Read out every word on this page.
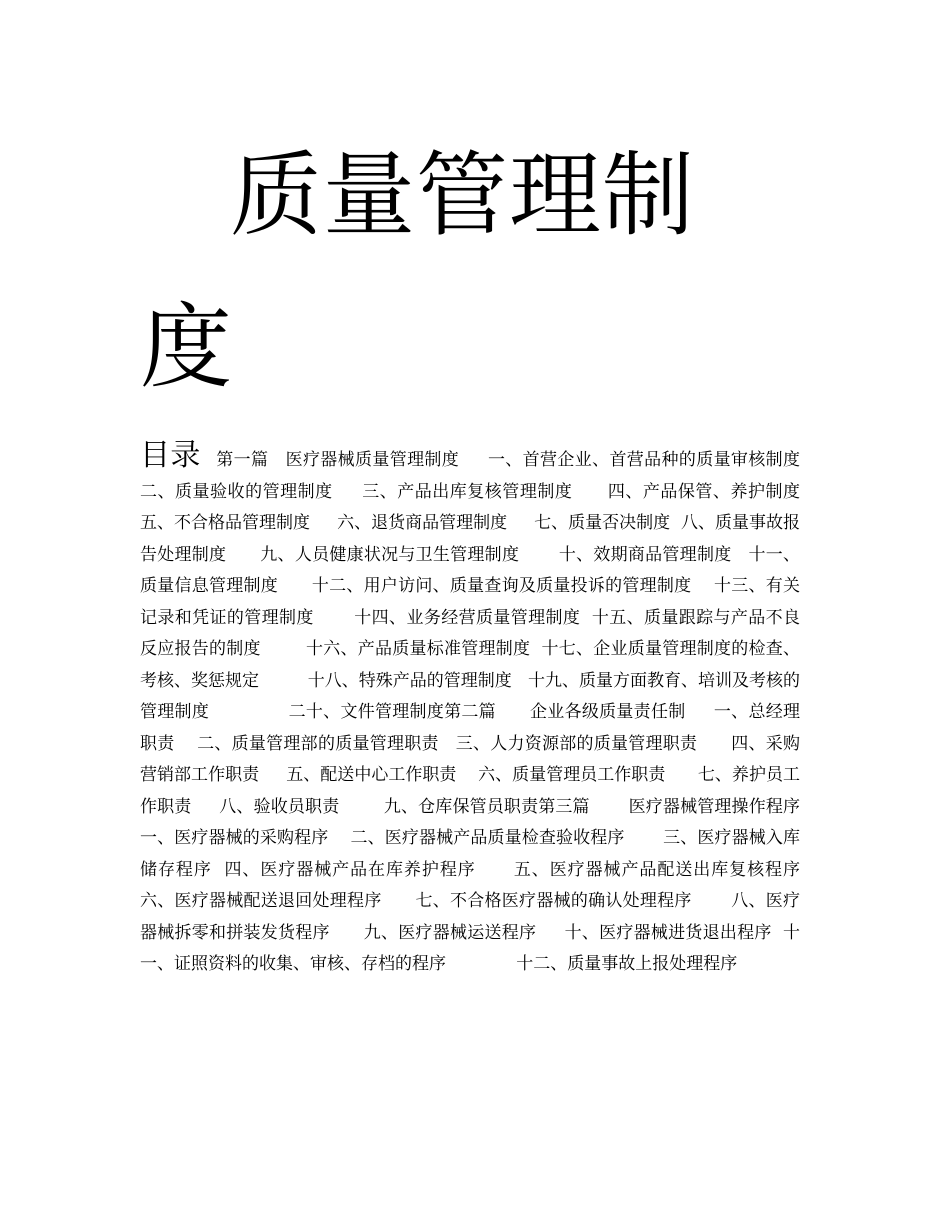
质量管理制
度
目录  第一篇   医疗器械质量管理制度     一、首营企业、首营品种的质量审核制度  二、质量验收的管理制度     三、产品出库复核管理制度      四、产品保管、养护制度   五、不合格品管理制度     六、退货商品管理制度     七、质量否决制度  八、质量事故报告处理制度      九、人员健康状况与卫生管理制度       十、效期商品管理制度   十一、质量信息管理制度      十二、用户访问、质量查询及质量投诉的管理制度    十三、有关记录和凭证的管理制度       十四、业务经营质量管理制度  十五、质量跟踪与产品不良反应报告的制度        十六、产品质量标准管理制度  十七、企业质量管理制度的检查、考核、奖惩规定         十八、特殊产品的管理制度   十九、质量方面教育、培训及考核的管理制度              二十、文件管理制度第二篇      企业各级质量责任制     一、总经理职责    二、质量管理部的质量管理职责   三、人力资源部的质量管理职责      四、采购营销部工作职责     五、配送中心工作职责    六、质量管理员工作职责      七、养护员工作职责     八、验收员职责        九、仓库保管员职责第三篇       医疗器械管理操作程序    一、医疗器械的采购程序    二、医疗器械产品质量检查验收程序       三、医疗器械入库储存程序  四、医疗器械产品在库养护程序      五、医疗器械产品配送出库复核程序      六、医疗器械配送退回处理程序      七、不合格医疗器械的确认处理程序       八、医疗器械拆零和拼装发货程序      九、医疗器械运送程序     十、医疗器械进货退出程序  十一、证照资料的收集、审核、存档的程序             十二、质量事故上报处理程序
